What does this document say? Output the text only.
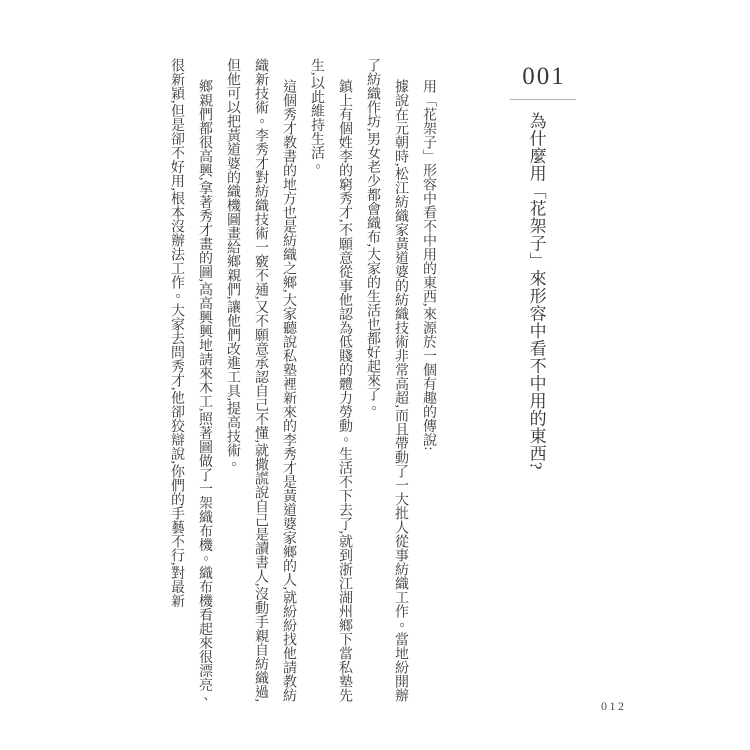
001
為什麼用「花架子」來形容中看不中用的東西?

用「花架子」形容中看不中用的東西,來源於一個有趣的傳說:

據說在元朝時,松江紡織家黃道婆的紡織技術非常高超,而且帶動了一大批人從事紡織工作。當地紛開辦了紡織作坊,男女老少都會織布,大家的生活也都好起來了。

鎮上有個姓李的窮秀才,不願意從事他認為低賤的體力勞動。生活不下去了,就到浙江湖州鄉下當私塾先生,以此維持生活。

這個秀才教書的地方也是紡織之鄉,大家聽說私塾裡新來的李秀才是黃道婆家鄉的人,就紛紛找他請教紡織新技術。李秀才對紡織技術一竅不通,又不願意承認自己不懂,就撒謊說自己是讀書人,沒動手親自紡織過,但他可以把黃道婆的織機圖畫給鄉親們,讓他們改進工具,提高技術。

鄉親們都很高興,拿著秀才畫的圖,高高興興地請來木工,照著圖做了一架織布機。織布機看起來很漂亮、很新穎,但是卻不好用,根本沒辦法工作。大家去問秀才,他卻狡辯說,你們的手藝不行,對最新

012
